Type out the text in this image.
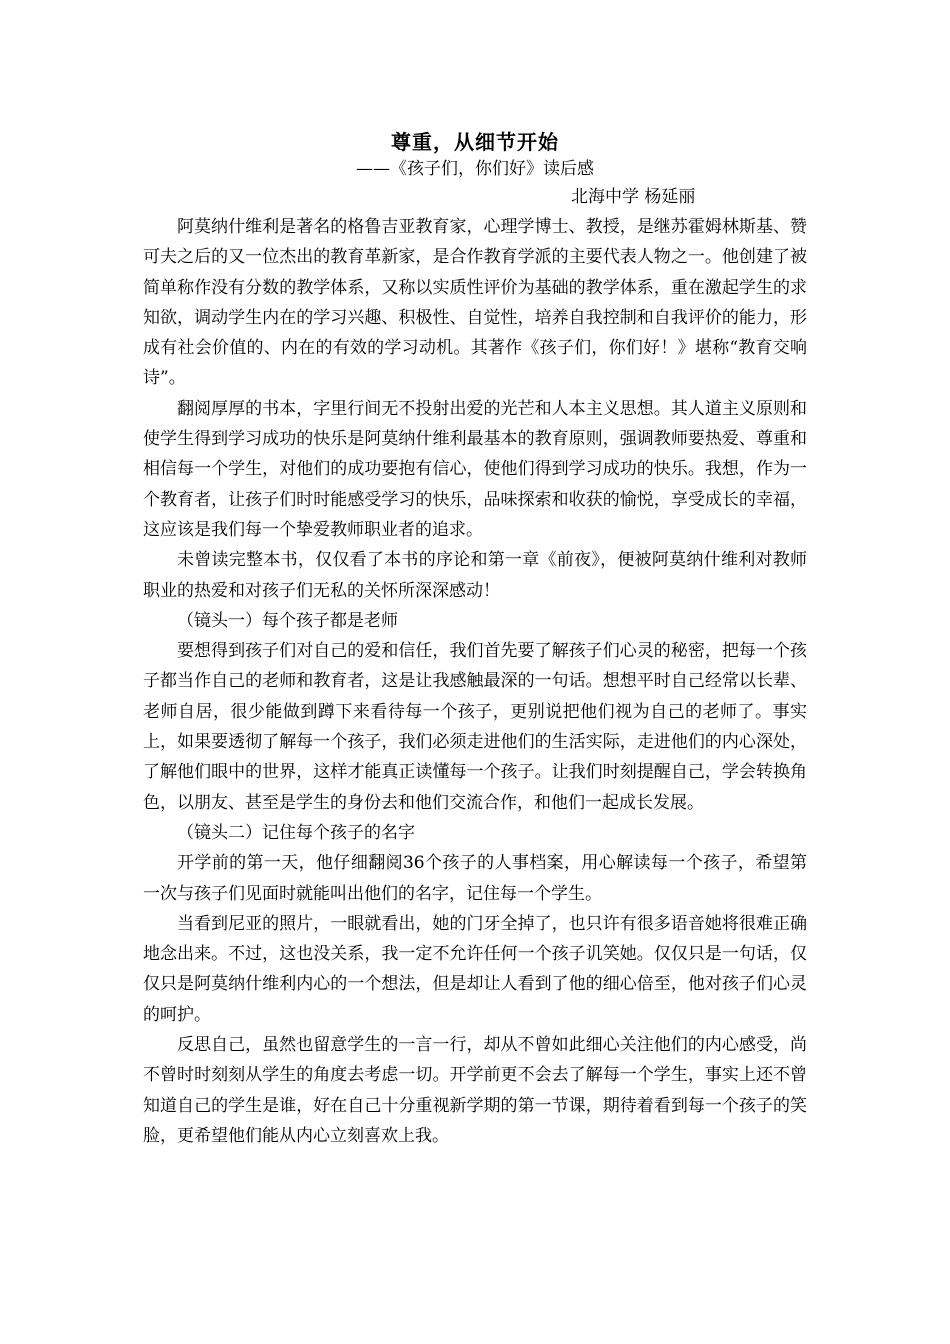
尊重，从细节开始

——《孩子们，你们好》读后感

北海中学 杨延丽

阿莫纳什维利是著名的格鲁吉亚教育家，心理学博士、教授，是继苏霍姆林斯基、赞可夫之后的又一位杰出的教育革新家，是合作教育学派的主要代表人物之一。他创建了被简单称作没有分数的教学体系，又称以实质性评价为基础的教学体系，重在激起学生的求知欲，调动学生内在的学习兴趣、积极性、自觉性，培养自我控制和自我评价的能力，形成有社会价值的、内在的有效的学习动机。其著作《孩子们，你们好！》堪称“教育交响诗”。

翻阅厚厚的书本，字里行间无不投射出爱的光芒和人本主义思想。其人道主义原则和使学生得到学习成功的快乐是阿莫纳什维利最基本的教育原则，强调教师要热爱、尊重和相信每一个学生，对他们的成功要抱有信心，使他们得到学习成功的快乐。我想，作为一个教育者，让孩子们时时能感受学习的快乐，品味探索和收获的愉悦，享受成长的幸福，这应该是我们每一个挚爱教师职业者的追求。

未曾读完整本书，仅仅看了本书的序论和第一章《前夜》，便被阿莫纳什维利对教师职业的热爱和对孩子们无私的关怀所深深感动！

（镜头一）每个孩子都是老师

要想得到孩子们对自己的爱和信任，我们首先要了解孩子们心灵的秘密，把每一个孩子都当作自己的老师和教育者，这是让我感触最深的一句话。想想平时自己经常以长辈、老师自居，很少能做到蹲下来看待每一个孩子，更别说把他们视为自己的老师了。事实上，如果要透彻了解每一个孩子，我们必须走进他们的生活实际，走进他们的内心深处，了解他们眼中的世界，这样才能真正读懂每一个孩子。让我们时刻提醒自己，学会转换角色，以朋友、甚至是学生的身份去和他们交流合作，和他们一起成长发展。

（镜头二）记住每个孩子的名字

开学前的第一天，他仔细翻阅36个孩子的人事档案，用心解读每一个孩子，希望第一次与孩子们见面时就能叫出他们的名字，记住每一个学生。

当看到尼亚的照片，一眼就看出，她的门牙全掉了，也只许有很多语音她将很难正确地念出来。不过，这也没关系，我一定不允许任何一个孩子讥笑她。仅仅只是一句话，仅仅只是阿莫纳什维利内心的一个想法，但是却让人看到了他的细心倍至，他对孩子们心灵的呵护。

反思自己，虽然也留意学生的一言一行，却从不曾如此细心关注他们的内心感受，尚不曾时时刻刻从学生的角度去考虑一切。开学前更不会去了解每一个学生，事实上还不曾知道自己的学生是谁，好在自己十分重视新学期的第一节课，期待着看到每一个孩子的笑脸，更希望他们能从内心立刻喜欢上我。
